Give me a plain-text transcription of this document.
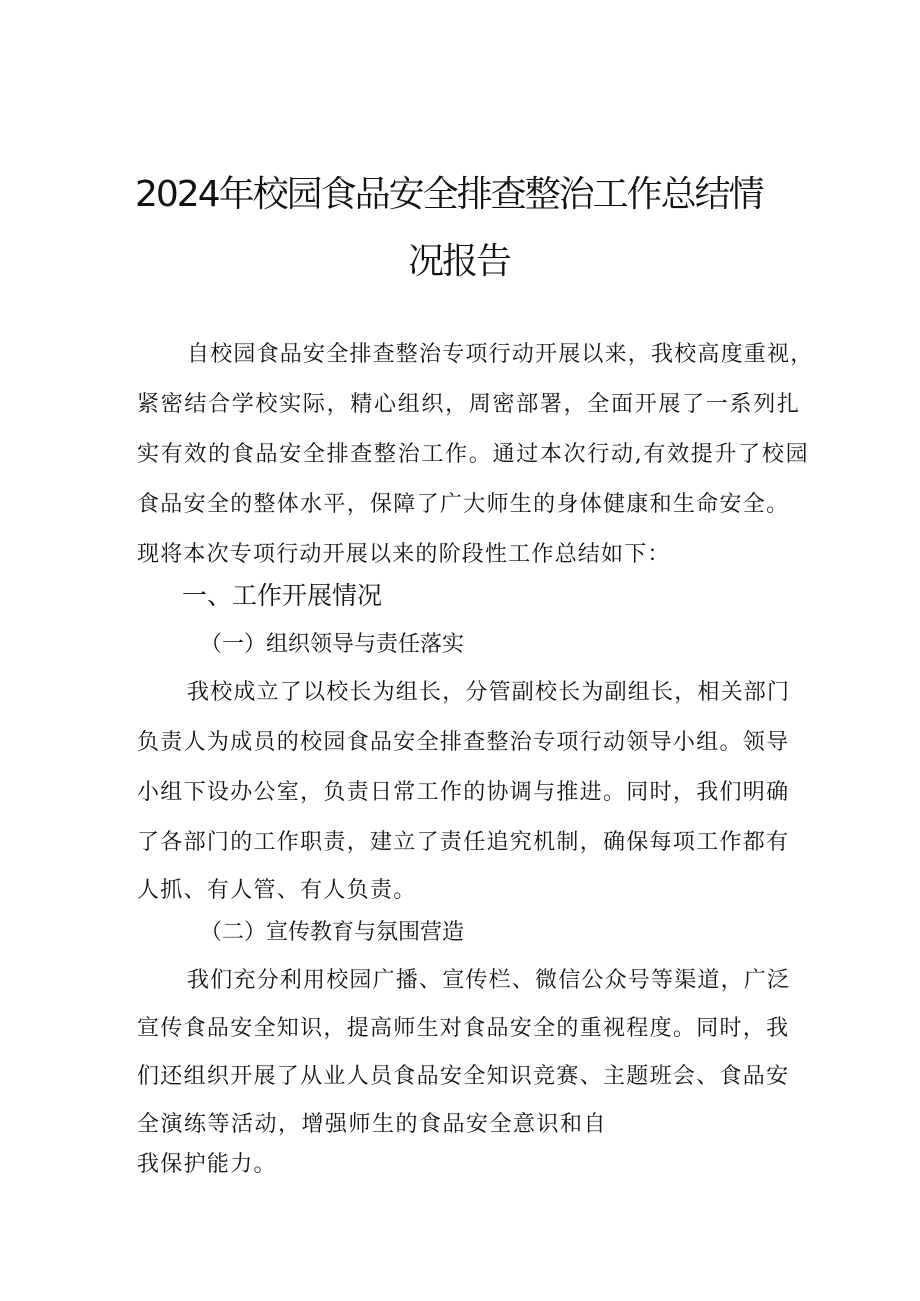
2024年校园食品安全排查整治工作总结情
况报告
自校园食品安全排查整治专项行动开展以来，我校高度重视，
紧密结合学校实际，精心组织，周密部署，全面开展了一系列扎
实有效的食品安全排查整治工作。通过本次行动,有效提升了校园
食品安全的整体水平，保障了广大师生的身体健康和生命安全。
现将本次专项行动开展以来的阶段性工作总结如下：
一、工作开展情况
（一）组织领导与责任落实
我校成立了以校长为组长，分管副校长为副组长，相关部门
负责人为成员的校园食品安全排查整治专项行动领导小组。领导
小组下设办公室，负责日常工作的协调与推进。同时，我们明确
了各部门的工作职责，建立了责任追究机制，确保每项工作都有
人抓、有人管、有人负责。
（二）宣传教育与氛围营造
我们充分利用校园广播、宣传栏、微信公众号等渠道，广泛
宣传食品安全知识，提高师生对食品安全的重视程度。同时，我
们还组织开展了从业人员食品安全知识竞赛、主题班会、食品安
全演练等活动，增强师生的食品安全意识和自
我保护能力。
